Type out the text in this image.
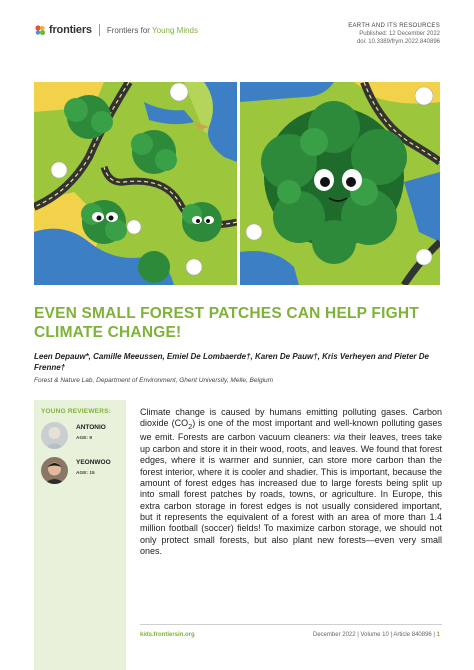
frontiers Frontiers for Young Minds	EARTH AND ITS RESOURCES
Published: 12 December 2022
doi: 10.3389/frym.2022.840896
EVEN SMALL FOREST PATCHES CAN HELP FIGHT CLIMATE CHANGE!
Leen Depauw*, Camille Meeussen, Emiel De Lombaerde†, Karen De Pauw†, Kris Verheyen and Pieter De Frenne†
Forest & Nature Lab, Department of Environment, Ghent University, Melle, Belgium
YOUNG REVIEWERS:
ANTONIO
AGE: 9
YEONWOO
AGE: 15
Climate change is caused by humans emitting polluting gases. Carbon dioxide $(CO_2)$ is one of the most important and well-known polluting gases we emit. Forests are carbon vacuum cleaners: via their leaves, trees take up carbon and store it in their wood, roots, and leaves. We found that forest edges, where it is warmer and sunnier, can store more carbon than the forest interior, where it is cooler and shadier. This is important, because the amount of forest edges has increased due to large forests being split up into small forest patches by roads, towns, or agriculture. In Europe, this extra carbon storage in forest edges is not usually considered important, but it represents the equivalent of a forest with an area of more than 1.4 million football (soccer) fields! To maximize carbon storage, we should not only protect small forests, but also plant new forests—even very small ones.
kids.frontiersin.org	December 2022 | Volume 10 | Article 840896 | 1
